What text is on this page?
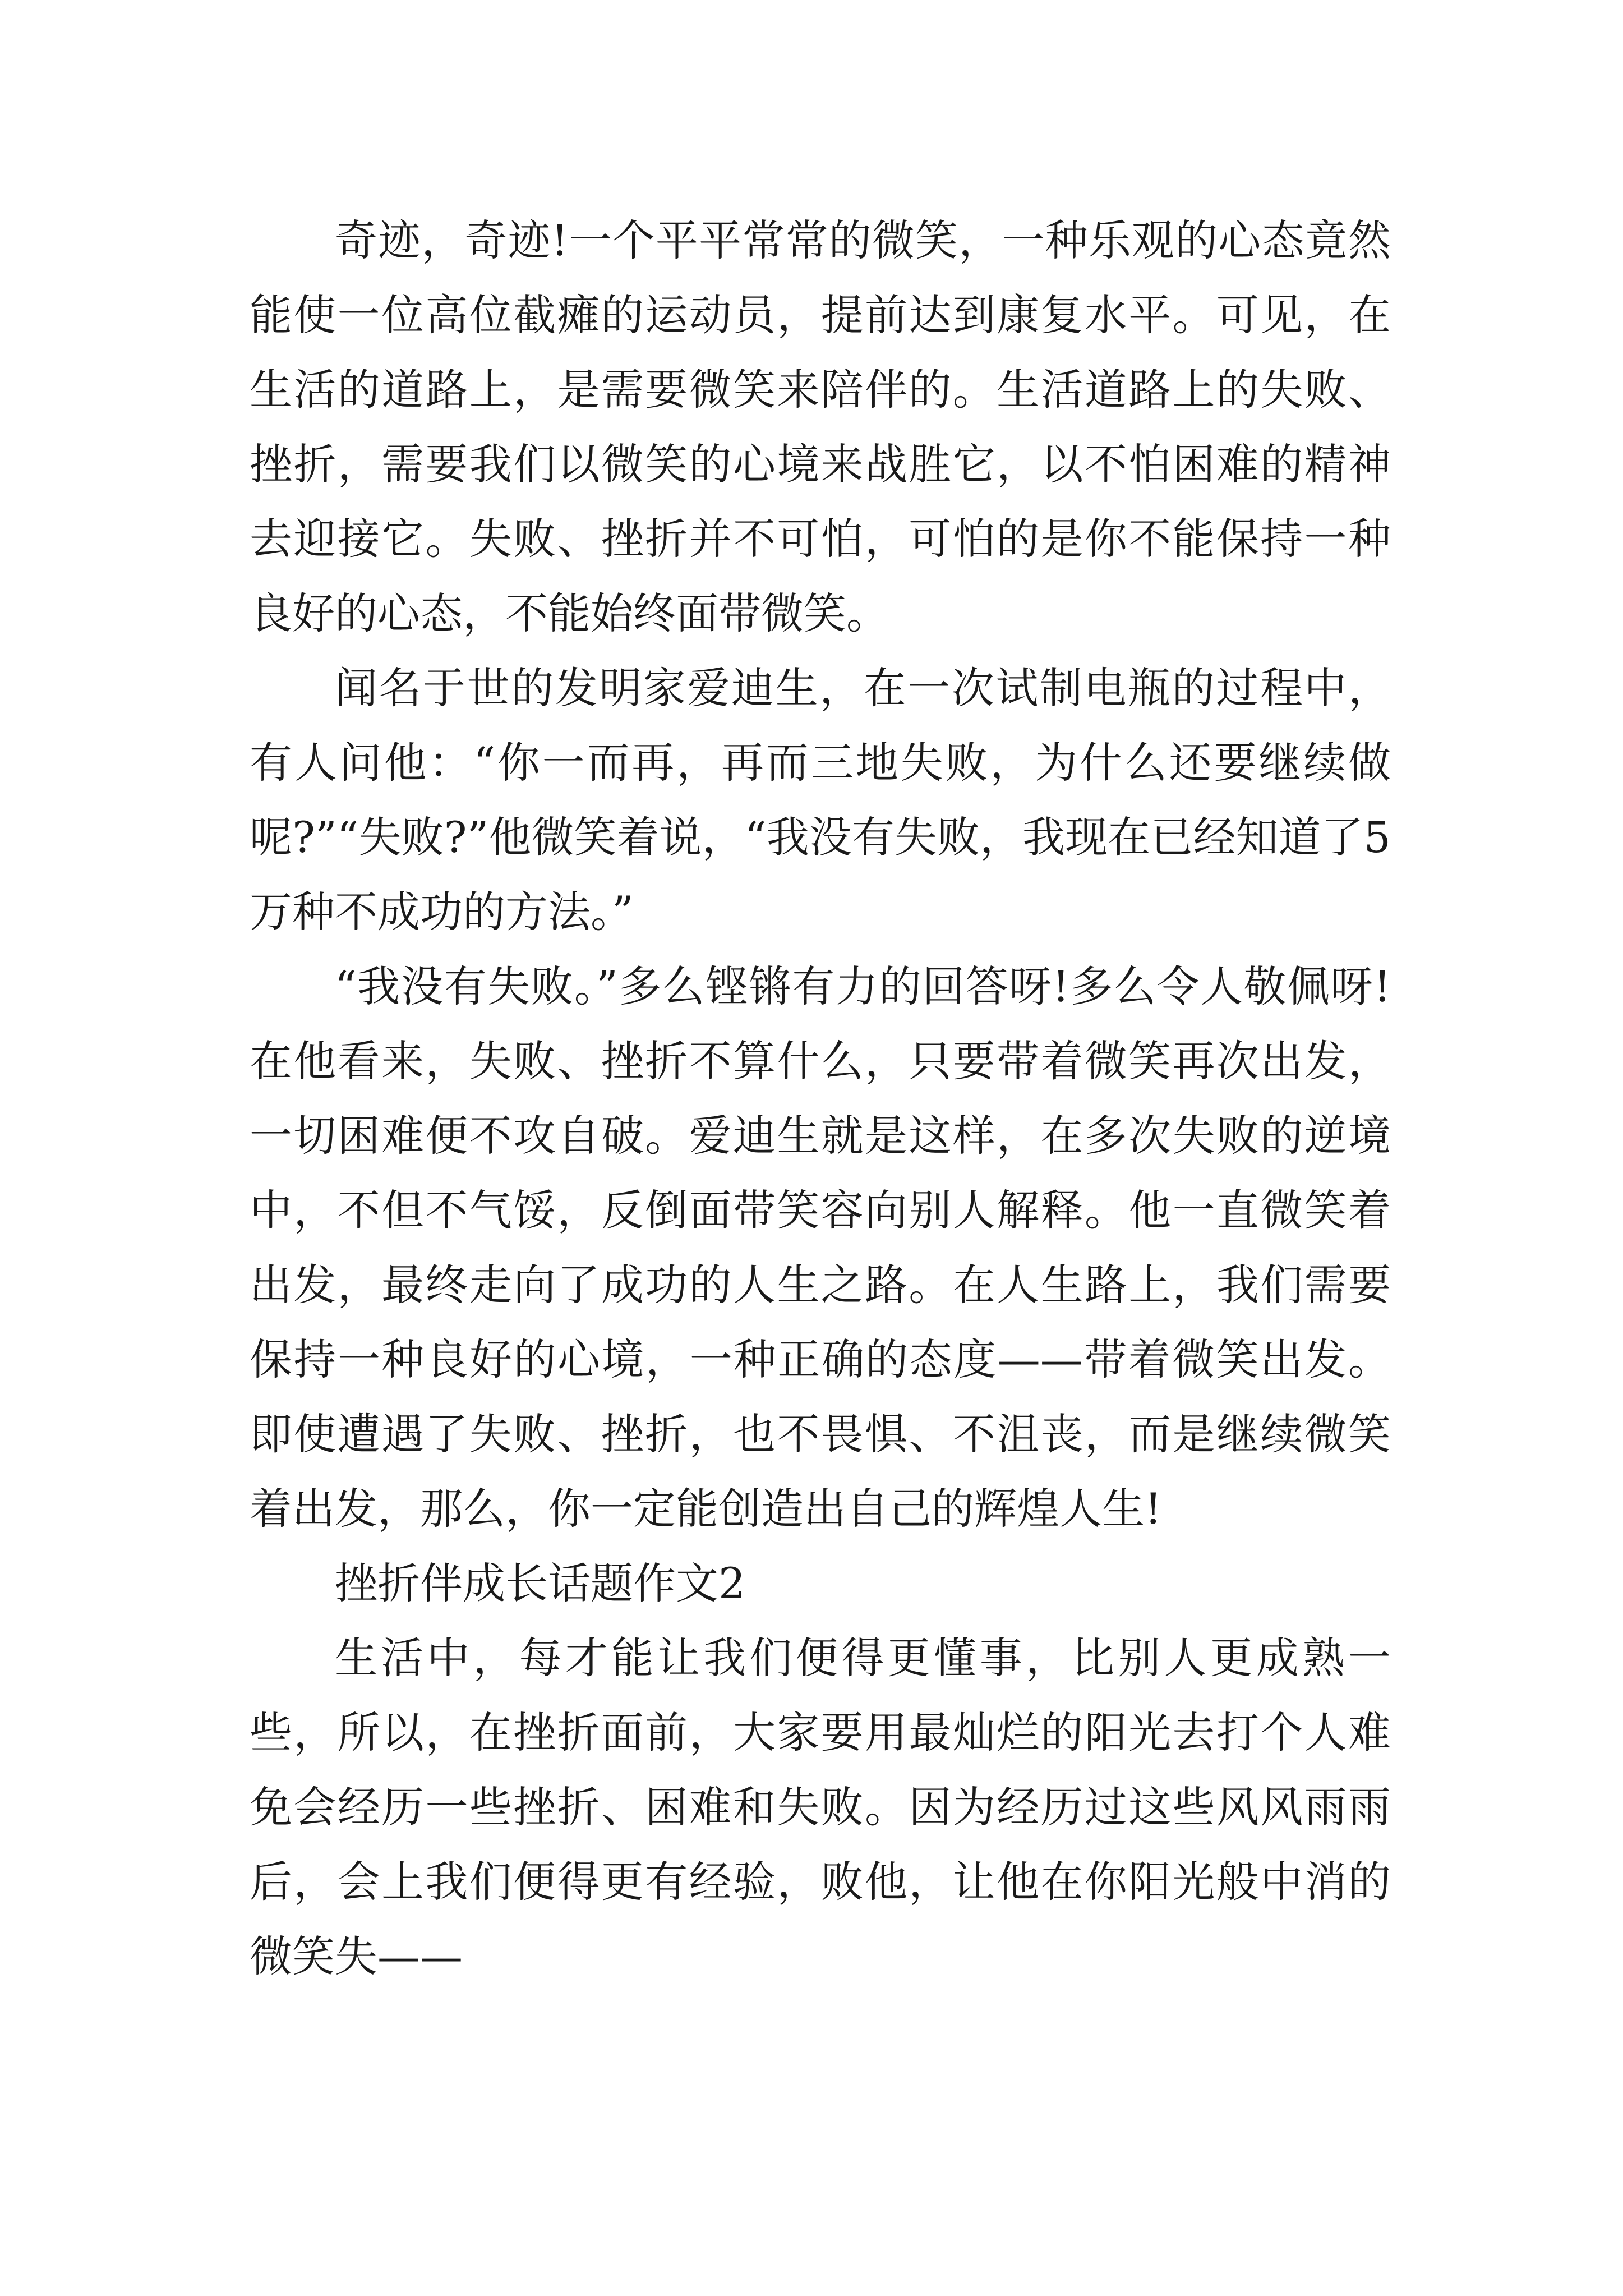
奇迹，奇迹!一个平平常常的微笑，一种乐观的心态竟然能使一位高位截瘫的运动员，提前达到康复水平。可见，在生活的道路上，是需要微笑来陪伴的。生活道路上的失败、挫折，需要我们以微笑的心境来战胜它，以不怕困难的精神去迎接它。失败、挫折并不可怕，可怕的是你不能保持一种良好的心态，不能始终面带微笑。

闻名于世的发明家爱迪生，在一次试制电瓶的过程中，有人问他：“你一而再，再而三地失败，为什么还要继续做呢?”“失败?”他微笑着说，“我没有失败，我现在已经知道了5万种不成功的方法。”

“我没有失败。”多么铿锵有力的回答呀!多么令人敬佩呀!在他看来，失败、挫折不算什么，只要带着微笑再次出发，一切困难便不攻自破。爱迪生就是这样，在多次失败的逆境中，不但不气馁，反倒面带笑容向别人解释。他一直微笑着出发，最终走向了成功的人生之路。在人生路上，我们需要保持一种良好的心境，一种正确的态度——带着微笑出发。即使遭遇了失败、挫折，也不畏惧、不沮丧，而是继续微笑着出发，那么，你一定能创造出自己的辉煌人生!

挫折伴成长话题作文2

生活中，每才能让我们便得更懂事，比别人更成熟一些，所以，在挫折面前，大家要用最灿烂的阳光去打个人难免会经历一些挫折、困难和失败。因为经历过这些风风雨雨后，会上我们便得更有经验，败他，让他在你阳光般中消的微笑失——
